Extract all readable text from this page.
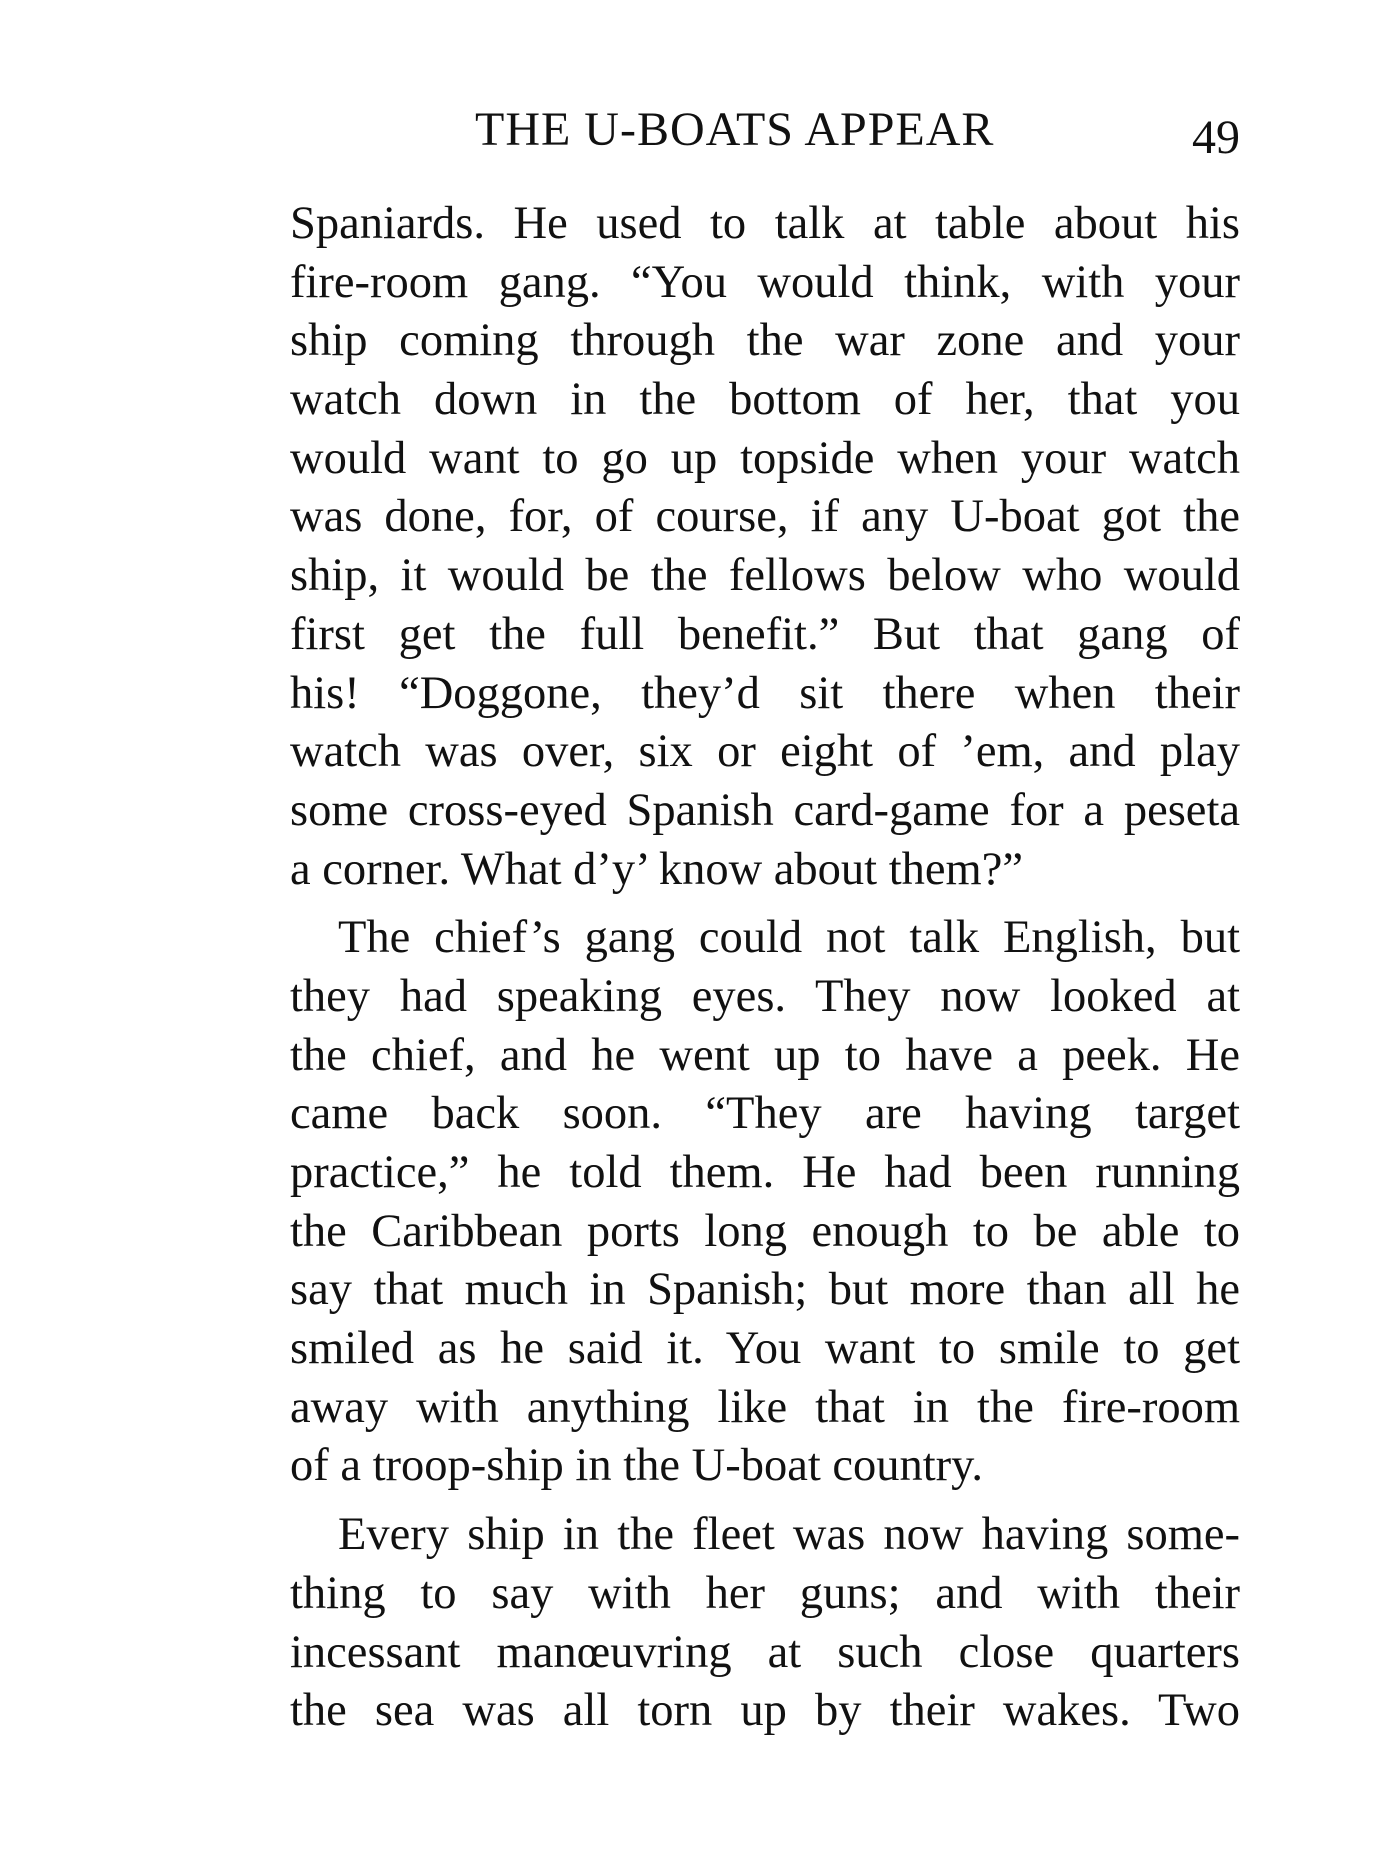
THE U-BOATS APPEAR	49
Spaniards. He used to talk at table about his
fire-room gang. “You would think, with your
ship coming through the war zone and your
watch down in the bottom of her, that you
would want to go up topside when your watch
was done, for, of course, if any U-boat got the
ship, it would be the fellows below who would
first get the full benefit.” But that gang of
his! “Doggone, they’d sit there when their
watch was over, six or eight of ’em, and play
some cross-eyed Spanish card-game for a peseta
a corner. What d’y’ know about them?”
The chief’s gang could not talk English, but
they had speaking eyes. They now looked at
the chief, and he went up to have a peek. He
came back soon. “They are having target
practice,” he told them. He had been running
the Caribbean ports long enough to be able to
say that much in Spanish; but more than all he
smiled as he said it. You want to smile to get
away with anything like that in the fire-room
of a troop-ship in the U-boat country.
Every ship in the fleet was now having some-
thing to say with her guns; and with their
incessant manœuvring at such close quarters
the sea was all torn up by their wakes. Two
